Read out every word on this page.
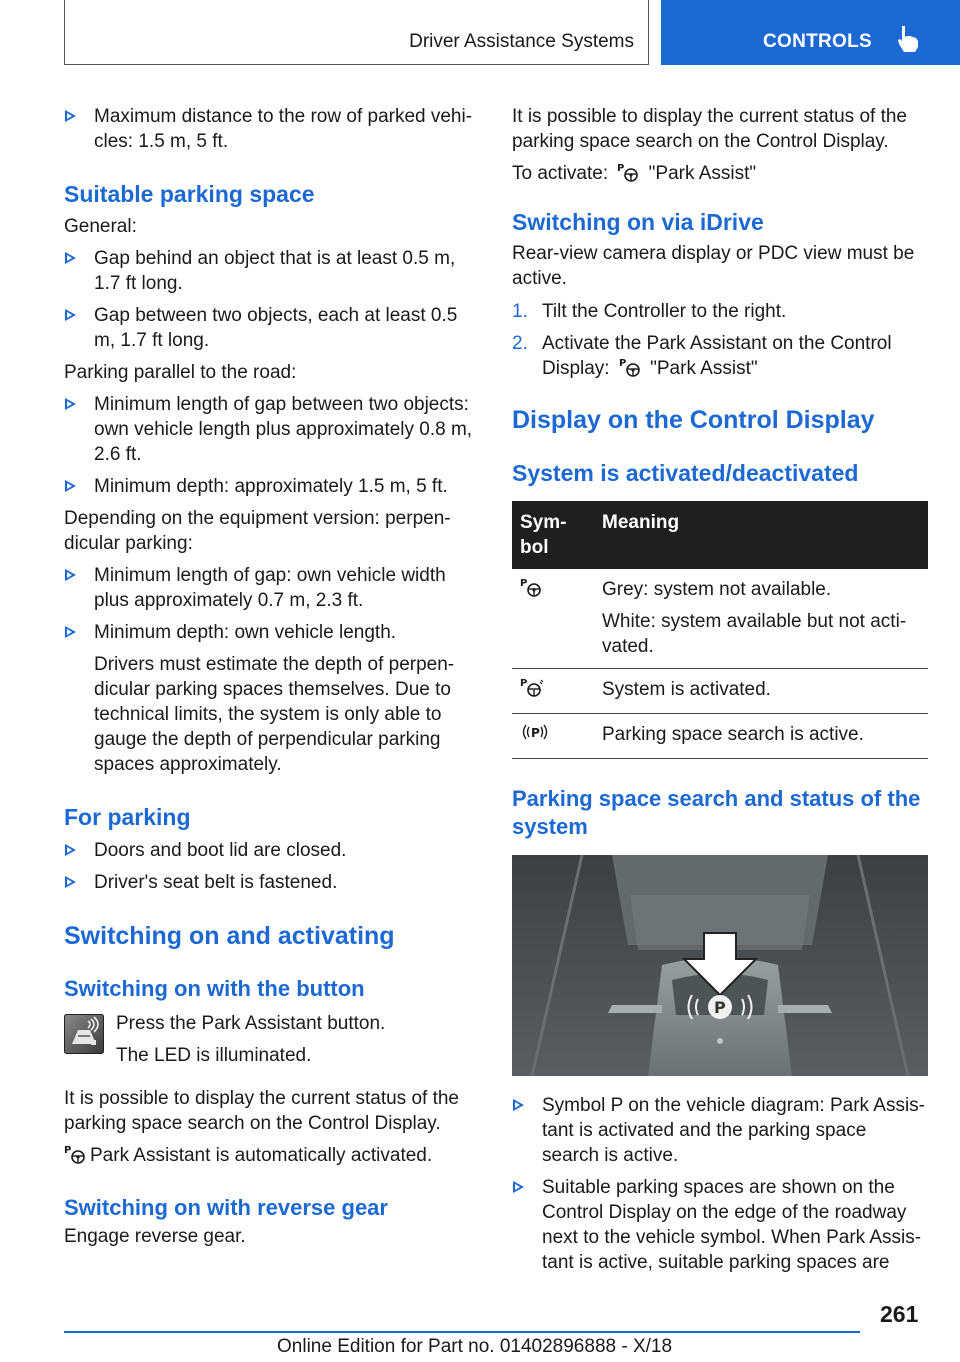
Driver Assistance Systems	CONTROLS
Maximum distance to the row of parked vehicles: 1.5 m, 5 ft.
Suitable parking space

General:

Gap behind an object that is at least 0.5 m, 1.7 ft long.
Gap between two objects, each at least 0.5 m, 1.7 ft long.

Parking parallel to the road:

Minimum length of gap between two objects: own vehicle length plus approximately 0.8 m, 2.6 ft.
Minimum depth: approximately 1.5 m, 5 ft.

Depending on the equipment version: perpendicular parking:

Minimum length of gap: own vehicle width plus approximately 0.7 m, 2.3 ft.
Minimum depth: own vehicle length.

Drivers must estimate the depth of perpendicular parking spaces themselves. Due to technical limits, the system is only able to gauge the depth of perpendicular parking spaces approximately.

For parking
Doors and boot lid are closed.
Driver's seat belt is fastened.
Switching on and activating
Switching on with the button

Press the Park Assistant button.

The LED is illuminated.

It is possible to display the current status of the parking space search on the Control Display.

P Park Assistant is automatically activated.

Switching on with reverse gear

Engage reverse gear.

It is possible to display the current status of the parking space search on the Control Display.

To activate: P "Park Assist"

Switching on via iDrive

Rear-view camera display or PDC view must be active.

1. Tilt the Controller to the right.
2. Activate the Park Assistant on the Control Display: P "Park Assist"
Display on the Control Display
System is activated/deactivated
Symbol	Meaning

P	Grey: system not available.

White: system available but not activated.

P	System is activated.

P	Parking space search is active.
Parking space search and status of the system
P
Symbol P on the vehicle diagram: Park Assistant is activated and the parking space search is active.
Suitable parking spaces are shown on the Control Display on the edge of the roadway next to the vehicle symbol. When Park Assistant is active, suitable parking spaces are
261
Online Edition for Part no. 01402896888 - X/18
